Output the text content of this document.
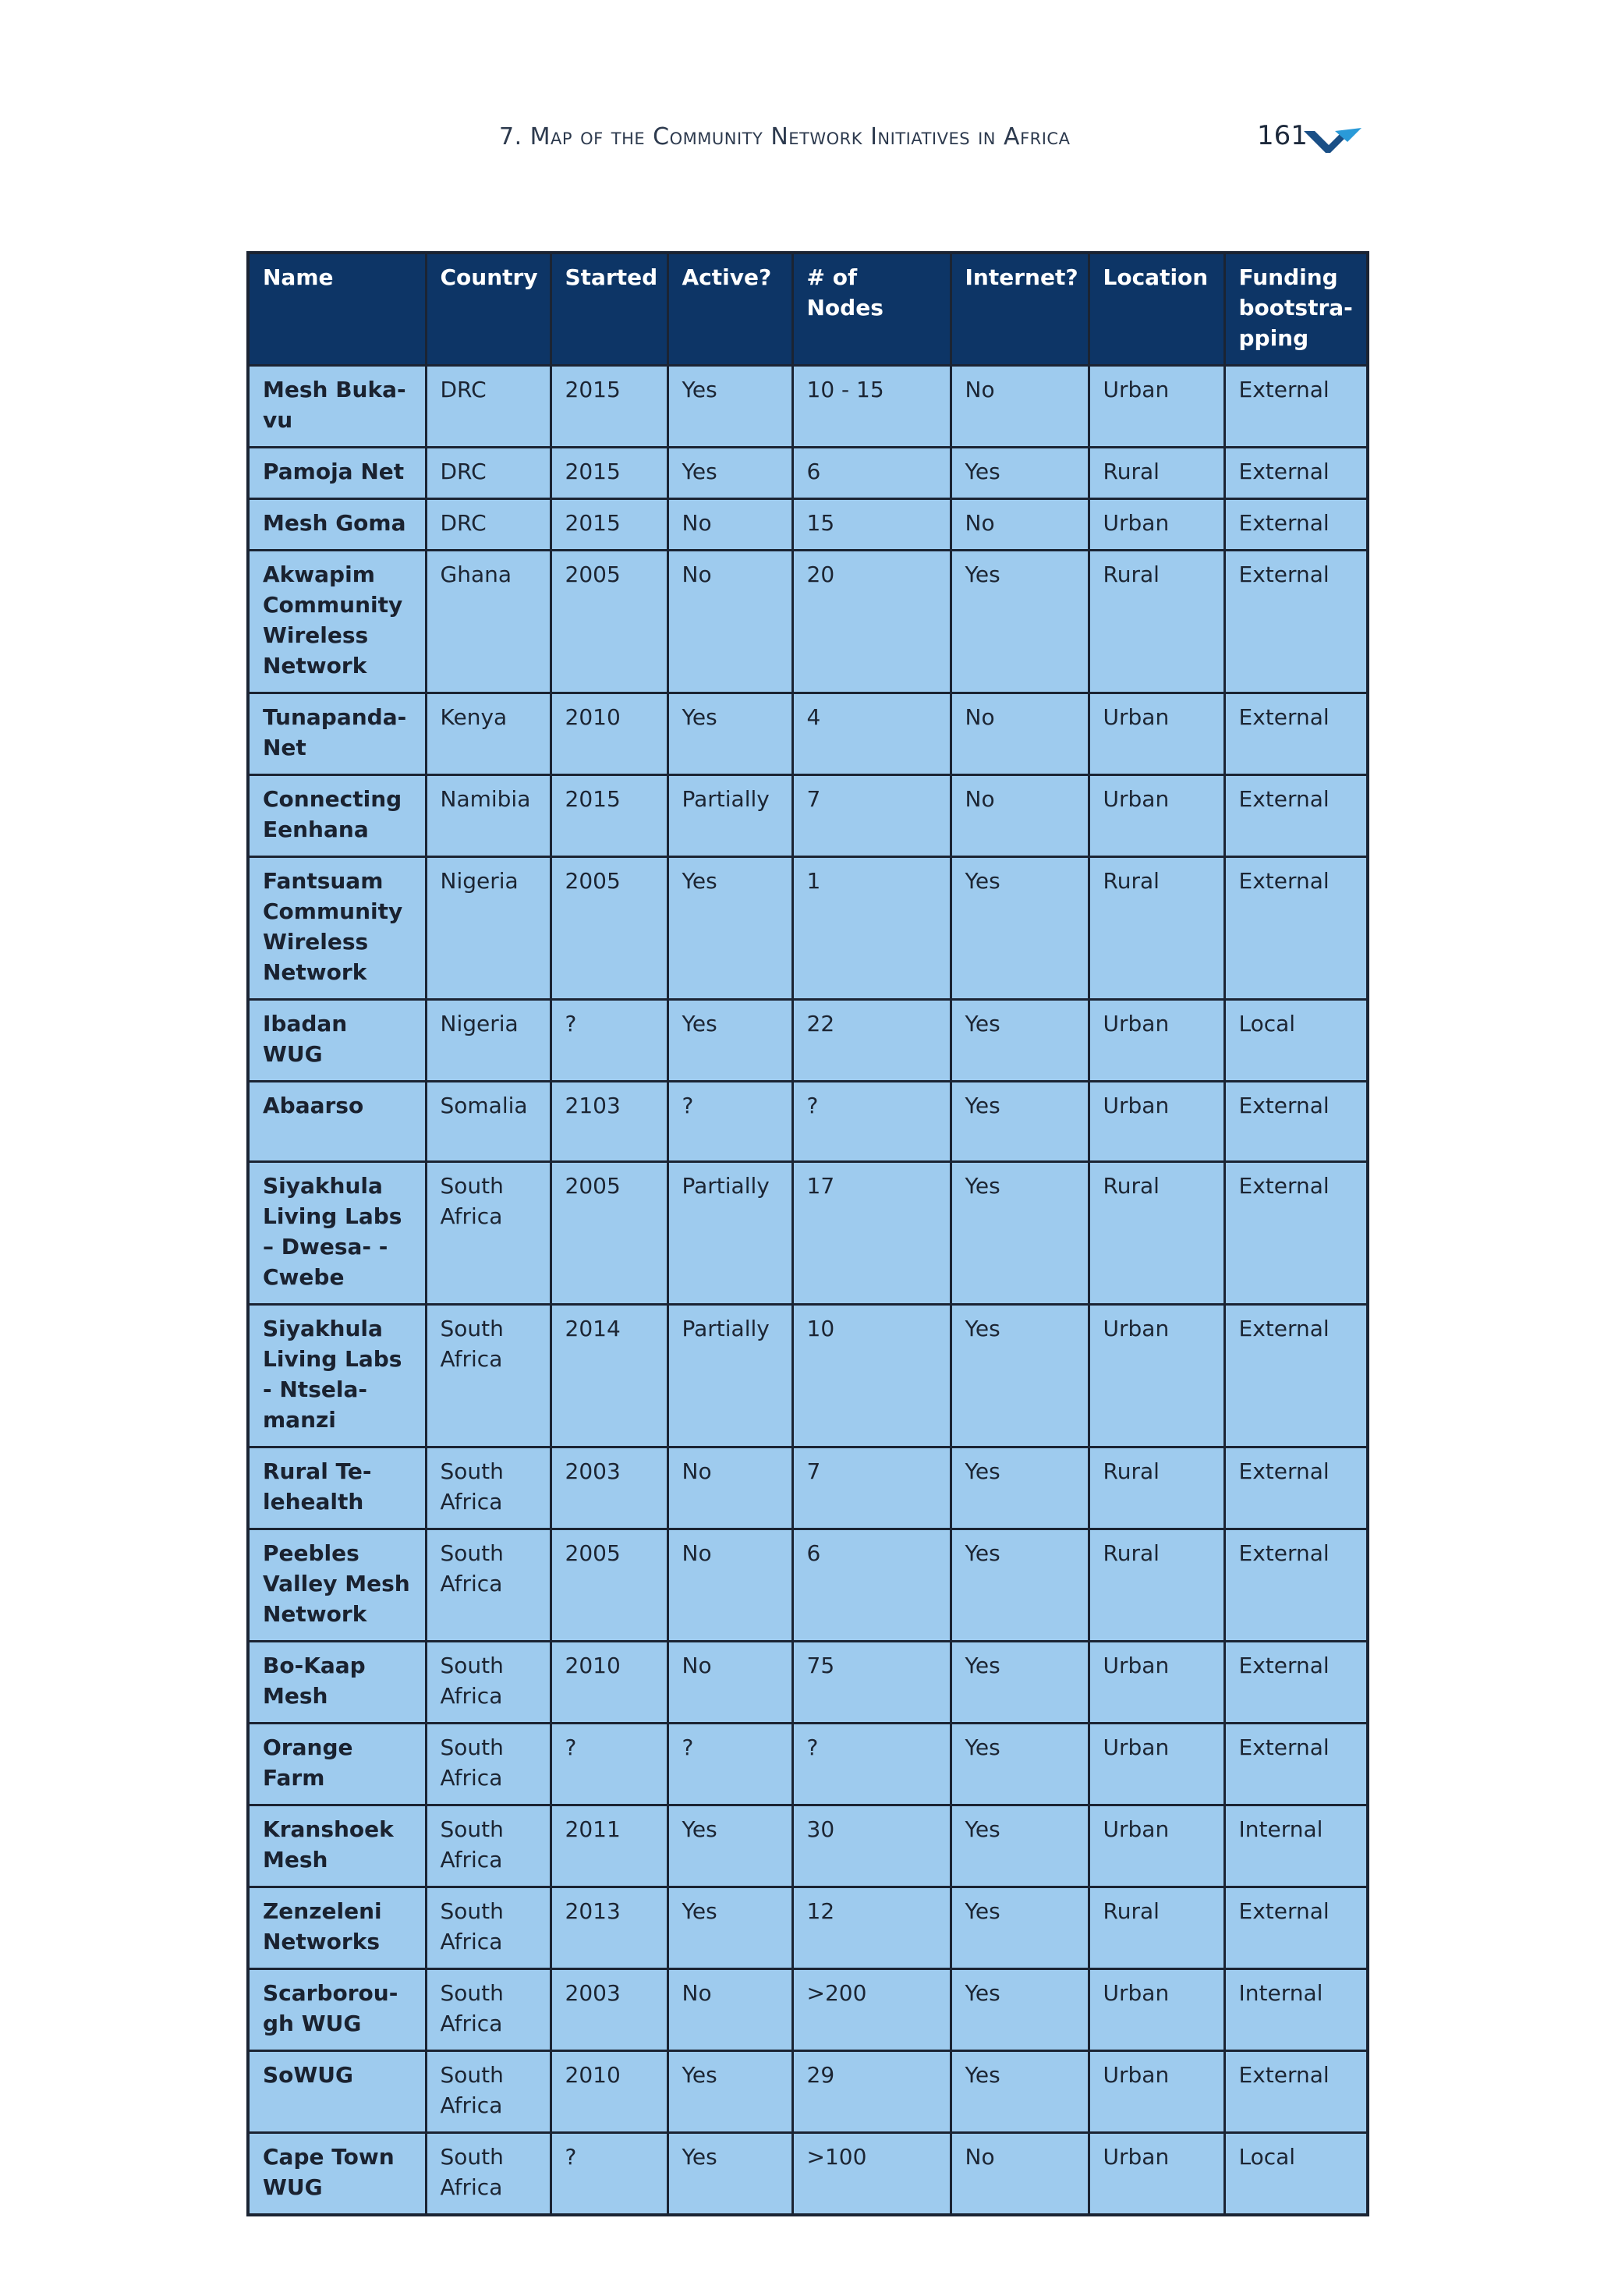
7. Map of the Community Network Initiatives in Africa	161
Name	Country	Started	Active?	# of Nodes	Internet?	Location	Funding bootstra- pping
Mesh Buka- vu	DRC	2015	Yes	10 - 15	No	Urban	External
Pamoja Net	DRC	2015	Yes	6	Yes	Rural	External
Mesh Goma	DRC	2015	No	15	No	Urban	External
Akwapim Community Wireless Network	Ghana	2005	No	20	Yes	Rural	External
Tunapanda- Net	Kenya	2010	Yes	4	No	Urban	External
Connecting Eenhana	Namibia	2015	Partially	7	No	Urban	External
Fantsuam Community Wireless Network	Nigeria	2005	Yes	1	Yes	Rural	External
Ibadan WUG	Nigeria	?	Yes	22	Yes	Urban	Local
Abaarso	Somalia	2103	?	?	Yes	Urban	External
Siyakhula Living Labs – Dwesa- -Cwebe	South Africa	2005	Partially	17	Yes	Rural	External
Siyakhula Living Labs - Ntsela- manzi	South Africa	2014	Partially	10	Yes	Urban	External
Rural Te- lehealth	South Africa	2003	No	7	Yes	Rural	External
Peebles Valley Mesh Network	South Africa	2005	No	6	Yes	Rural	External
Bo-Kaap Mesh	South Africa	2010	No	75	Yes	Urban	External
Orange Farm	South Africa	?	?	?	Yes	Urban	External
Kranshoek Mesh	South Africa	2011	Yes	30	Yes	Urban	Internal
Zenzeleni Networks	South Africa	2013	Yes	12	Yes	Rural	External
Scarborou- gh WUG	South Africa	2003	No	>200	Yes	Urban	Internal
SoWUG	South Africa	2010	Yes	29	Yes	Urban	External
Cape Town WUG	South Africa	?	Yes	>100	No	Urban	Local
